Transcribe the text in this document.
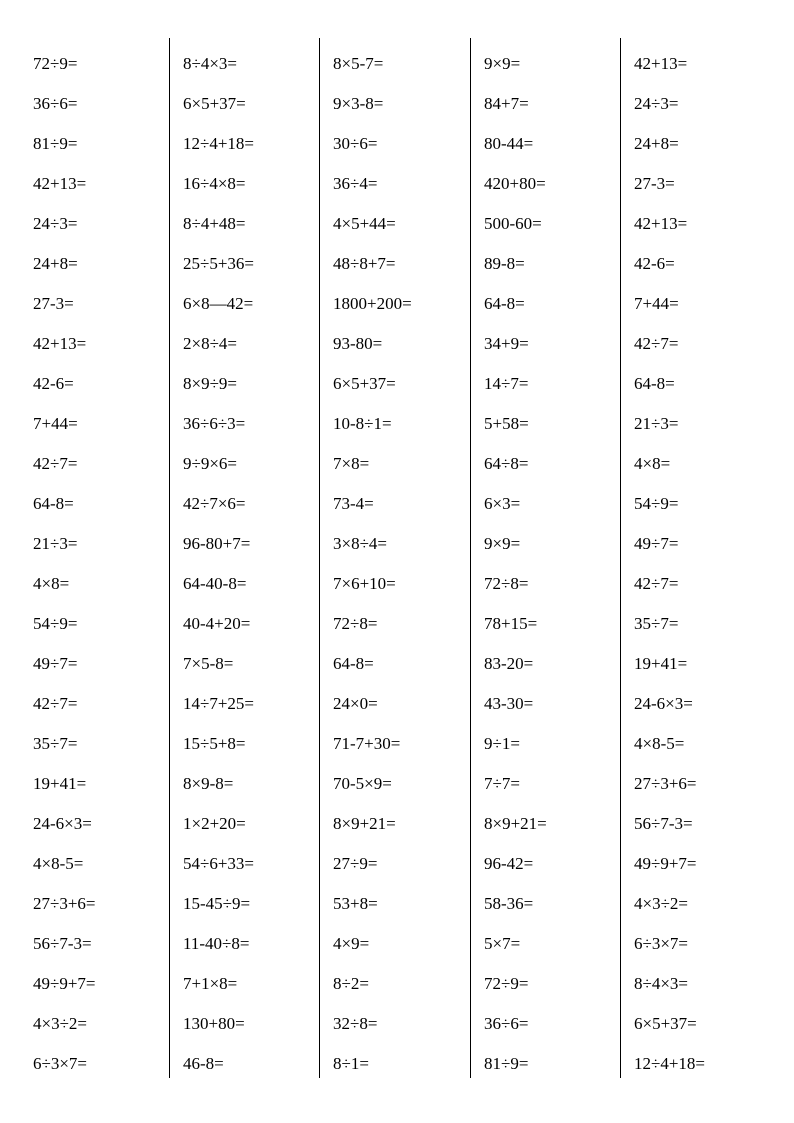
72÷9=
36÷6=
81÷9=
42+13=
24÷3=
24+8=
27-3=
42+13=
42-6=
7+44=
42÷7=
64-8=
21÷3=
4×8=
54÷9=
49÷7=
42÷7=
35÷7=
19+41=
24-6×3=
4×8-5=
27÷3+6=
56÷7-3=
49÷9+7=
4×3÷2=
6÷3×7=
8÷4×3=
6×5+37=
12÷4+18=
16÷4×8=
8÷4+48=
25÷5+36=
6×8—42=
2×8÷4=
8×9÷9=
36÷6÷3=
9÷9×6=
42÷7×6=
96-80+7=
64-40-8=
40-4+20=
7×5-8=
14÷7+25=
15÷5+8=
8×9-8=
1×2+20=
54÷6+33=
15-45÷9=
11-40÷8=
7+1×8=
130+80=
46-8=
8×5-7=
9×3-8=
30÷6=
36÷4=
4×5+44=
48÷8+7=
1800+200=
93-80=
6×5+37=
10-8÷1=
7×8=
73-4=
3×8÷4=
7×6+10=
72÷8=
64-8=
24×0=
71-7+30=
70-5×9=
8×9+21=
27÷9=
53+8=
4×9=
8÷2=
32÷8=
8÷1=
9×9=
84+7=
80-44=
420+80=
500-60=
89-8=
64-8=
34+9=
14÷7=
5+58=
64÷8=
6×3=
9×9=
72÷8=
78+15=
83-20=
43-30=
9÷1=
7÷7=
8×9+21=
96-42=
58-36=
5×7=
72÷9=
36÷6=
81÷9=
42+13=
24÷3=
24+8=
27-3=
42+13=
42-6=
7+44=
42÷7=
64-8=
21÷3=
4×8=
54÷9=
49÷7=
42÷7=
35÷7=
19+41=
24-6×3=
4×8-5=
27÷3+6=
56÷7-3=
49÷9+7=
4×3÷2=
6÷3×7=
8÷4×3=
6×5+37=
12÷4+18=
